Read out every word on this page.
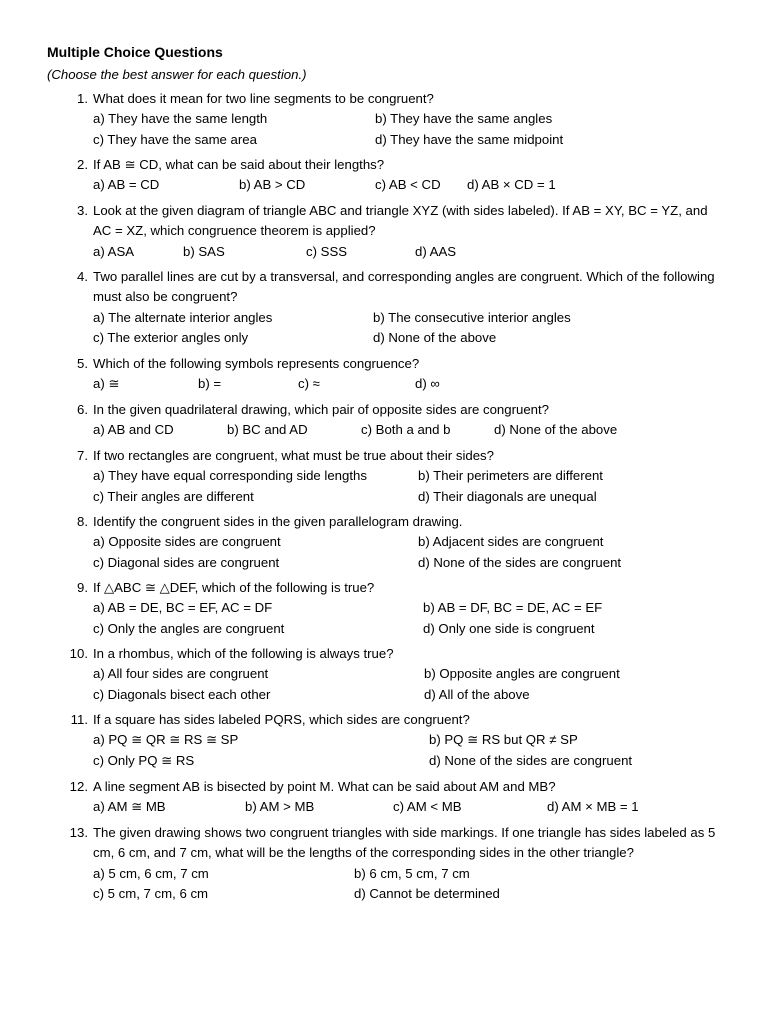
Multiple Choice Questions
(Choose the best answer for each question.)
1. What does it mean for two line segments to be congruent?
a) They have the same length	b) They have the same angles
c) They have the same area	d) They have the same midpoint
2. If AB ≅ CD, what can be said about their lengths?
a) AB = CD	b) AB > CD	c) AB < CD d) AB × CD = 1
3. Look at the given diagram of triangle ABC and triangle XYZ (with sides labeled). If AB = XY, BC = YZ, and AC = XZ, which congruence theorem is applied?
a) ASA	b) SAS	c) SSS	d) AAS
4. Two parallel lines are cut by a transversal, and corresponding angles are congruent. Which of the following must also be congruent?
a) The alternate interior angles	b) The consecutive interior angles
c) The exterior angles only	d) None of the above
5. Which of the following symbols represents congruence?
a) ≅	b) =	c) ≈	d) ∞
6. In the given quadrilateral drawing, which pair of opposite sides are congruent?
a) AB and CD	b) BC and AD	c) Both a and b	d) None of the above
7. If two rectangles are congruent, what must be true about their sides?
a) They have equal corresponding side lengths	b) Their perimeters are different
c) Their angles are different	d) Their diagonals are unequal
8. Identify the congruent sides in the given parallelogram drawing.
a) Opposite sides are congruent	b) Adjacent sides are congruent
c) Diagonal sides are congruent	d) None of the sides are congruent
9. If △ABC ≅ △DEF, which of the following is true?
a) AB = DE, BC = EF, AC = DF	b) AB = DF, BC = DE, AC = EF
c) Only the angles are congruent	d) Only one side is congruent
10. In a rhombus, which of the following is always true?
a) All four sides are congruent	b) Opposite angles are congruent
c) Diagonals bisect each other	d) All of the above
11. If a square has sides labeled PQRS, which sides are congruent?
a) PQ ≅ QR ≅ RS ≅ SP	b) PQ ≅ RS but QR ≠ SP
c) Only PQ ≅ RS	d) None of the sides are congruent
12. A line segment AB is bisected by point M. What can be said about AM and MB?
a) AM ≅ MB	b) AM > MB	c) AM < MB	d) AM × MB = 1
13. The given drawing shows two congruent triangles with side markings. If one triangle has sides labeled as 5 cm, 6 cm, and 7 cm, what will be the lengths of the corresponding sides in the other triangle?
a) 5 cm, 6 cm, 7 cm	b) 6 cm, 5 cm, 7 cm
c) 5 cm, 7 cm, 6 cm	d) Cannot be determined
